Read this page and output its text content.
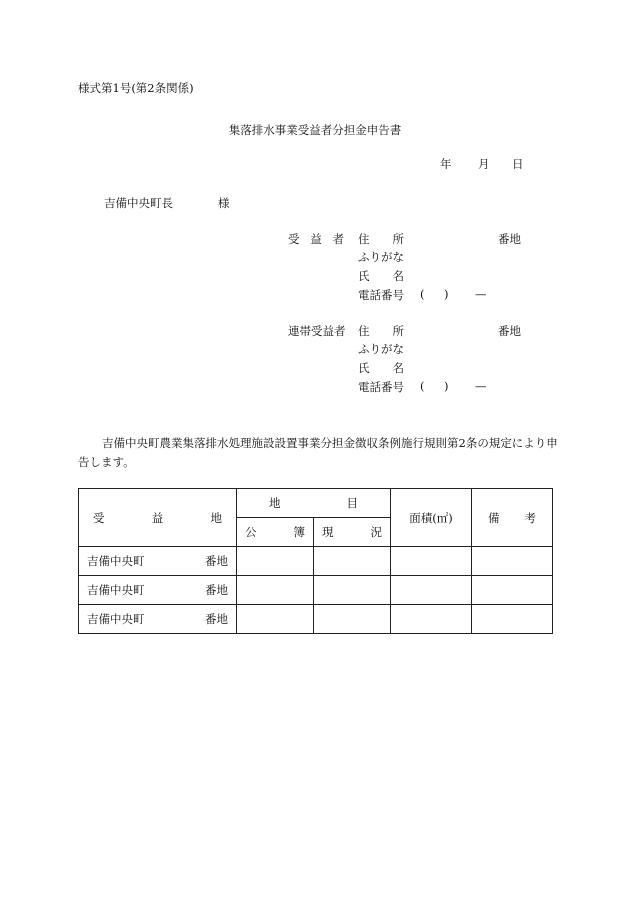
様式第1号(第2条関係)
集落排水事業受益者分担金申告書
年 月 日
吉備中央町長	様
受 益 者 住 所	番地
ふりがな
氏 名
電話番号 ( ) —
連帯受益者 住 所	番地
ふりがな
氏 名
電話番号 ( ) —
吉備中央町農業集落排水処理施設設置事業分担金徴収条例施行規則第2条の規定により申告します。
受 益 地	地 目		面積(㎡)	備 考

	公 簿	現 況		

吉備中央町 番地				

吉備中央町 番地				

吉備中央町 番地				
